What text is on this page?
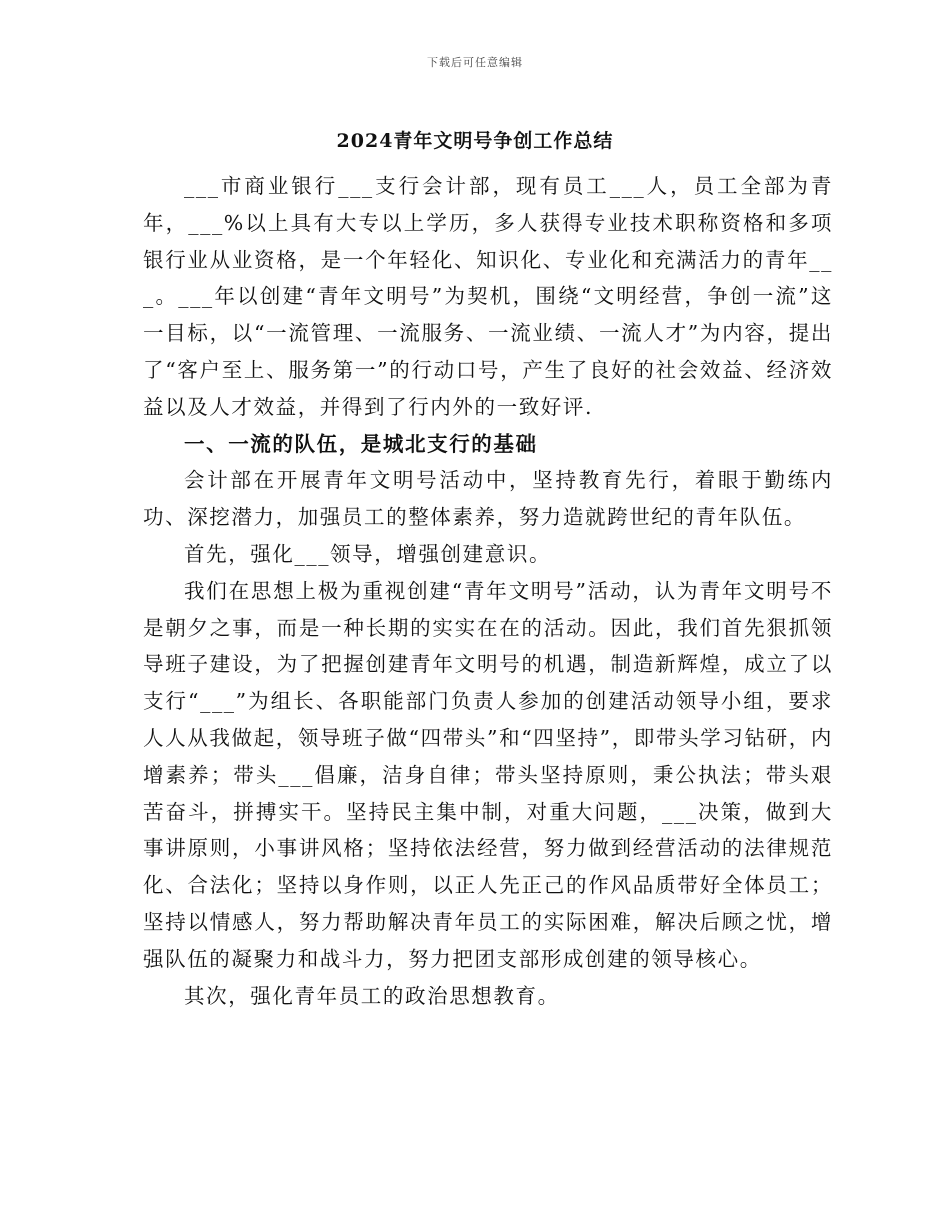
下载后可任意编辑
2024青年文明号争创工作总结

___市商业银行___支行会计部，现有员工___人，员工全部为青年，___%以上具有大专以上学历，多人获得专业技术职称资格和多项银行业从业资格，是一个年轻化、知识化、专业化和充满活力的青年___。___年以创建“青年文明号”为契机，围绕“文明经营，争创一流”这一目标，以“一流管理、一流服务、一流业绩、一流人才”为内容，提出了“客户至上、服务第一”的行动口号，产生了良好的社会效益、经济效益以及人才效益，并得到了行内外的一致好评.

一、一流的队伍，是城北支行的基础

会计部在开展青年文明号活动中，坚持教育先行，着眼于勤练内功、深挖潜力，加强员工的整体素养，努力造就跨世纪的青年队伍。

首先，强化___领导，增强创建意识。

我们在思想上极为重视创建“青年文明号”活动，认为青年文明号不是朝夕之事，而是一种长期的实实在在的活动。因此，我们首先狠抓领导班子建设，为了把握创建青年文明号的机遇，制造新辉煌，成立了以支行“___”为组长、各职能部门负责人参加的创建活动领导小组，要求人人从我做起，领导班子做“四带头”和“四坚持”，即带头学习钻研，内增素养；带头___倡廉，洁身自律；带头坚持原则，秉公执法；带头艰苦奋斗，拼搏实干。坚持民主集中制，对重大问题，___决策，做到大事讲原则，小事讲风格；坚持依法经营，努力做到经营活动的法律规范化、合法化；坚持以身作则，以正人先正己的作风品质带好全体员工；坚持以情感人，努力帮助解决青年员工的实际困难，解决后顾之忧，增强队伍的凝聚力和战斗力，努力把团支部形成创建的领导核心。

其次，强化青年员工的政治思想教育。
